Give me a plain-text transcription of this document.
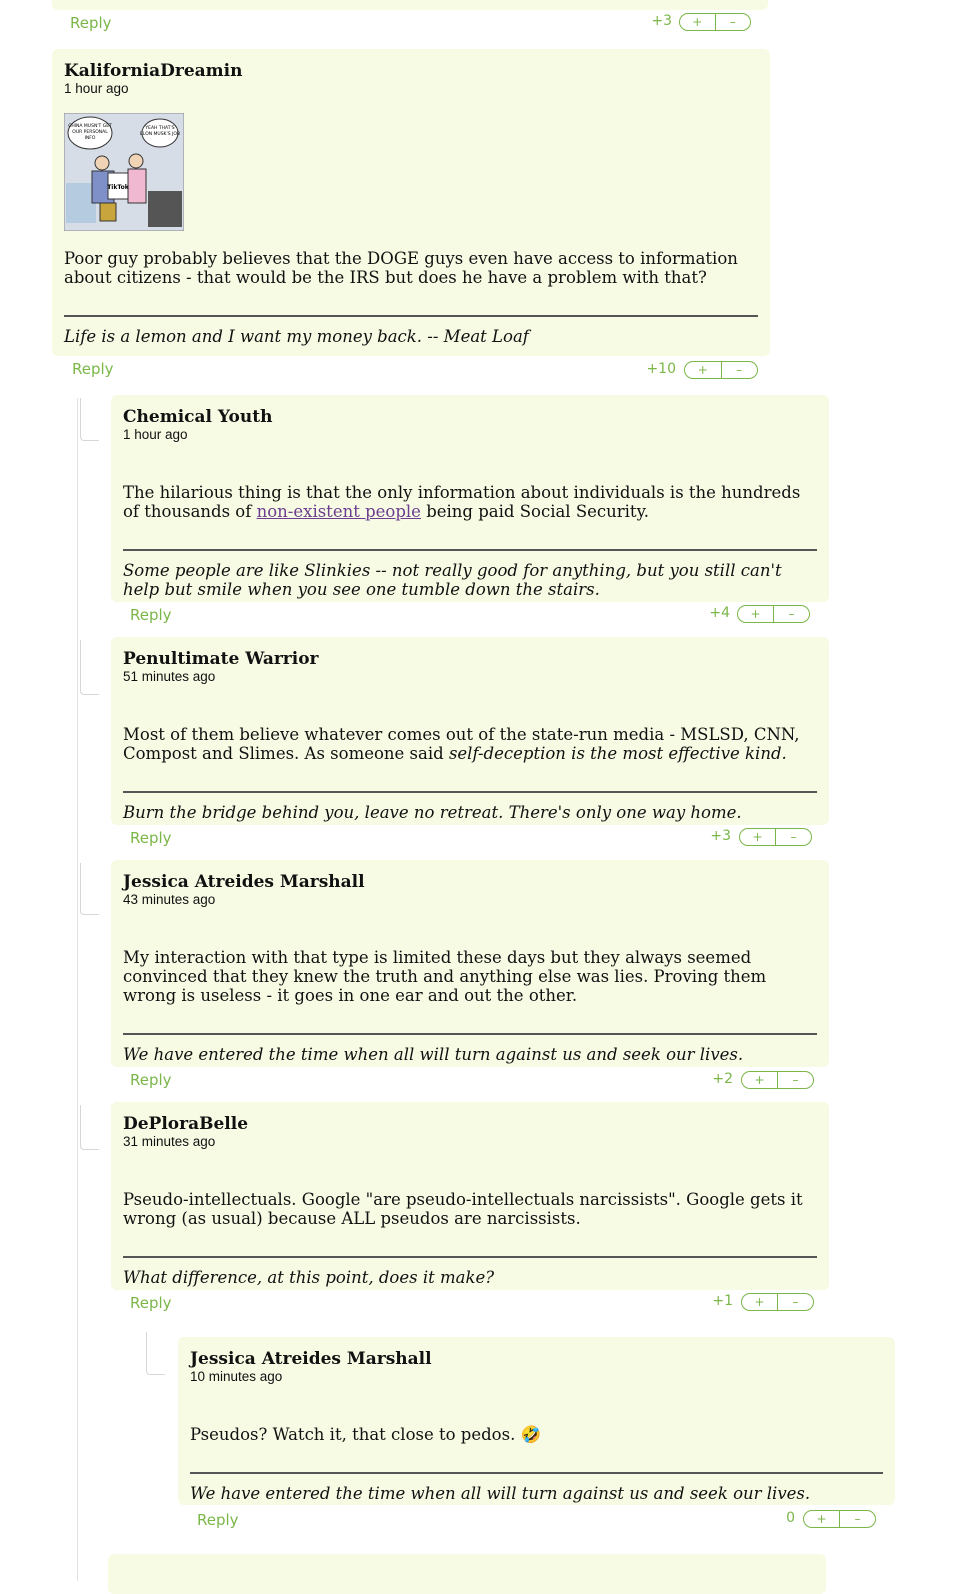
Reply	+3	+	–
KaliforniaDreamin
1 hour ago
CHINA MUSN'T GET
OUR PERSONAL
INFO
YEAH THAT'S
ELON MUSK'S JOB
TikTok
Poor guy probably believes that the DOGE guys even have access to information about citizens - that would be the IRS but does he have a problem with that?
Life is a lemon and I want my money back. -- Meat Loaf
Reply	+10	+	–
Chemical Youth
1 hour ago
The hilarious thing is that the only information about individuals is the hundreds of thousands of non-existent people being paid Social Security.
Some people are like Slinkies -- not really good for anything, but you still can't help but smile when you see one tumble down the stairs.
Reply	+4	+	–
Penultimate Warrior
51 minutes ago
Most of them believe whatever comes out of the state-run media - MSLSD, CNN, Compost and Slimes. As someone said self-deception is the most effective kind.
Burn the bridge behind you, leave no retreat. There's only one way home.
Reply	+3	+	–
Jessica Atreides Marshall
43 minutes ago
My interaction with that type is limited these days but they always seemed convinced that they knew the truth and anything else was lies. Proving them wrong is useless - it goes in one ear and out the other.
We have entered the time when all will turn against us and seek our lives.
Reply	+2	+	–
DePloraBelle
31 minutes ago
Pseudo-intellectuals. Google "are pseudo-intellectuals narcissists". Google gets it wrong (as usual) because ALL pseudos are narcissists.
What difference, at this point, does it make?
Reply	+1	+	–
Jessica Atreides Marshall
10 minutes ago
Pseudos? Watch it, that close to pedos. 🤣
We have entered the time when all will turn against us and seek our lives.
Reply	0	+	–
